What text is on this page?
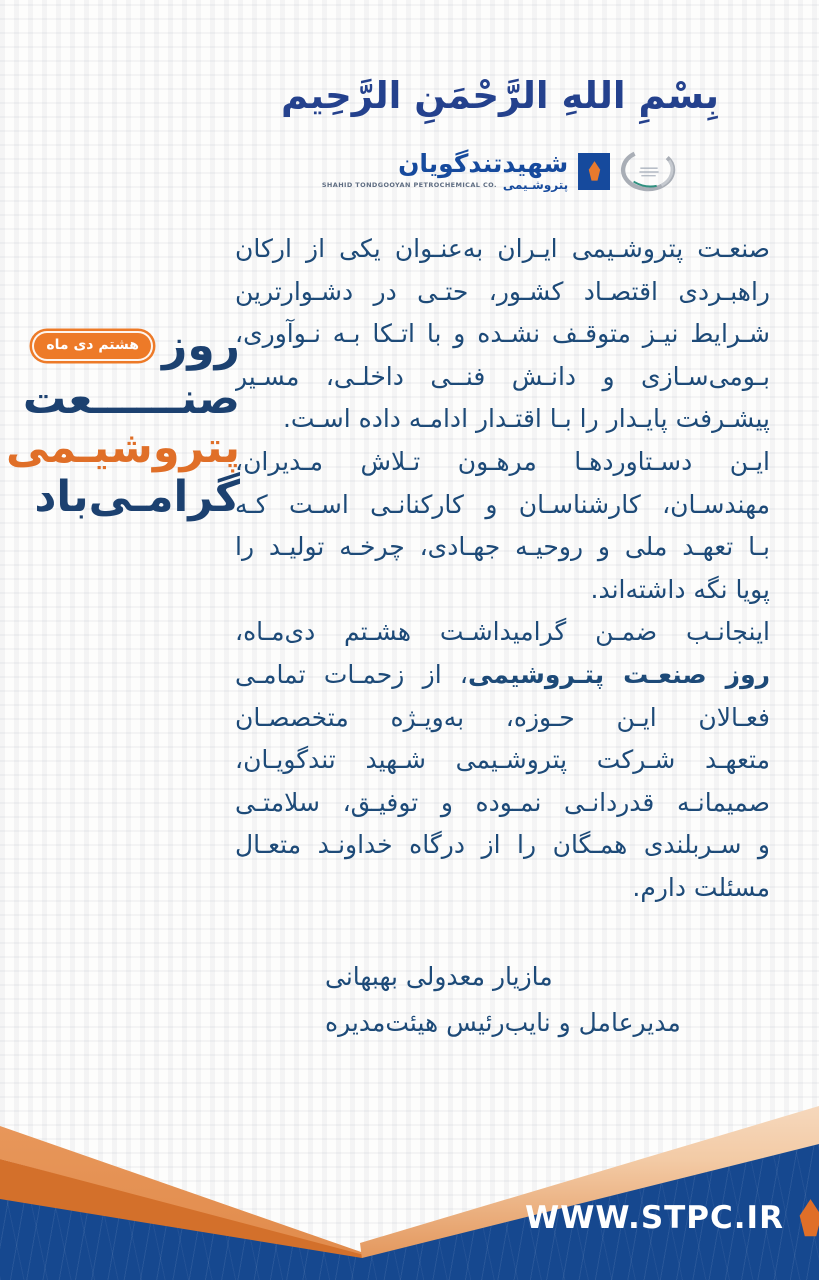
بِسْمِ اللهِ الرَّحْمَنِ الرَّحِيم
شهیدتندگویان
SHAHID TONDGOOYAN PETROCHEMICAL CO. پتروشـیمی
روز
هشتم دی ماه
صنــــــعت
پتروشیـمی
گرامـی‌باد
صنعـت پتروشـیمی ایـران به‌عنـوان یکی از ارکان
راهبـردی اقتصـاد کشـور، حتـی در دشـوارترین
شـرایط نیـز متوقـف نشـده و با اتـکا بـه نـوآوری،
بـومی‌سـازی و دانـش فنــی داخلـی، مسـیر
پیشـرفت پایـدار را بـا اقتـدار ادامـه داده اسـت.
ایـن دسـتاوردهـا مرهـون تـلاش مـدیران،
مهندسـان، کارشناسـان و کارکنانـی اسـت کـه
بـا تعهـد ملی و روحیـه جهـادی، چرخـه تولیـد را
پویا نگه داشته‌اند.
اینجانـب ضمـن گرامیداشـت هشـتم دی‌مـاه،
روز صنعـت پتـروشیمی، از زحمـات تمامـی
فعـالان ایـن حـوزه، به‌ویـژه متخصصـان
متعهـد شـرکت پتروشـیمی شـهید تندگویـان،
صمیمانـه قدردانـی نمـوده و توفیـق، سلامتـی
و سـربلندی همـگان را از درگاه خداونـد متعـال
مسئلت دارم.
مازیار معدولی بهبهانی
مدیرعامل و نایب‌رئیس هیئت‌مدیره
WWW.STPC.IR
